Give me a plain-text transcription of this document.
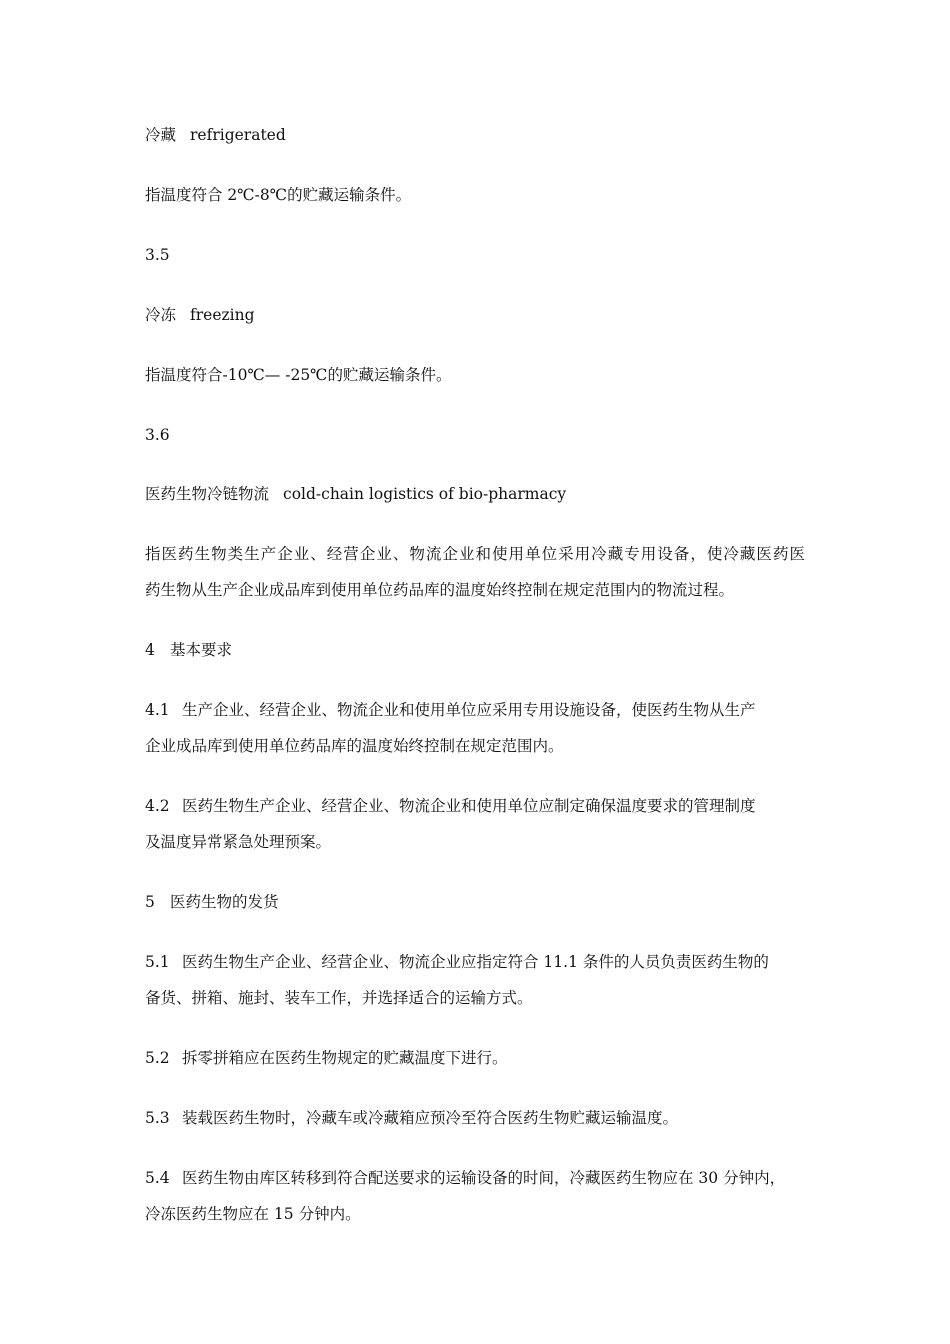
冷藏 refrigerated
指温度符合 2℃-8℃的贮藏运输条件。
3.5
冷冻 freezing
指温度符合-10℃— -25℃的贮藏运输条件。
3.6
医药生物冷链物流 cold-chain logistics of bio-pharmacy
指医药生物类生产企业、经营企业、物流企业和使用单位采用冷藏专用设备，使冷藏医药医
药生物从生产企业成品库到使用单位药品库的温度始终控制在规定范围内的物流过程。
4 基本要求
4.1 生产企业、经营企业、物流企业和使用单位应采用专用设施设备，使医药生物从生产
企业成品库到使用单位药品库的温度始终控制在规定范围内。
4.2 医药生物生产企业、经营企业、物流企业和使用单位应制定确保温度要求的管理制度
及温度异常紧急处理预案。
5 医药生物的发货
5.1 医药生物生产企业、经营企业、物流企业应指定符合 11.1 条件的人员负责医药生物的
备货、拼箱、施封、装车工作，并选择适合的运输方式。
5.2 拆零拼箱应在医药生物规定的贮藏温度下进行。
5.3 装载医药生物时，冷藏车或冷藏箱应预冷至符合医药生物贮藏运输温度。
5.4 医药生物由库区转移到符合配送要求的运输设备的时间，冷藏医药生物应在 30 分钟内，
冷冻医药生物应在 15 分钟内。
